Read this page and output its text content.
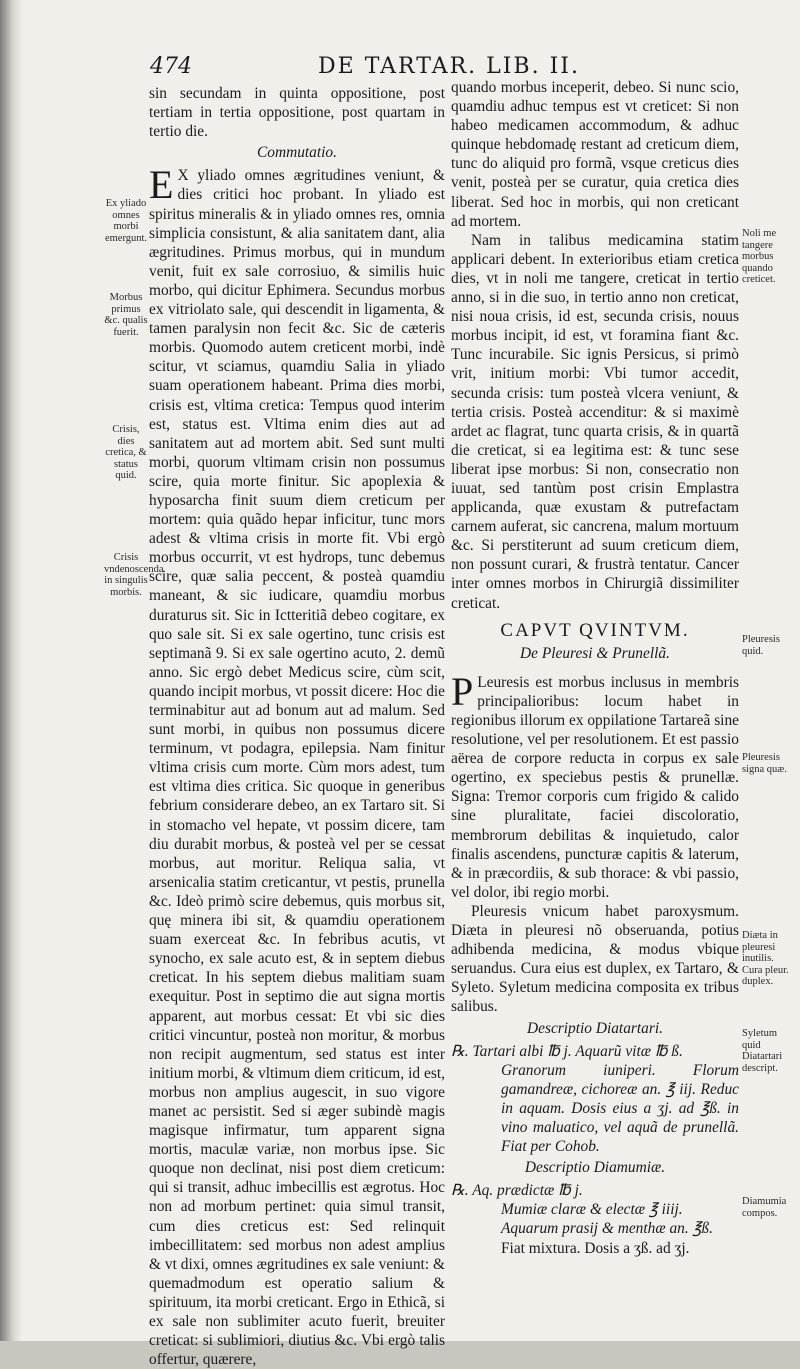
474	DE TARTAR. LIB. II.
Ex yliado omnes morbi emergunt.
Morbus primus &c. qualis fuerit.
Crisis, dies cretica, & status quid.
Crisis vndenoscenda in singulis morbis.

sin secundam in quinta oppositione, post tertiam in tertia oppositione, post quartam in tertio die.

Commutatio.

EX yliado omnes ægritudines veniunt, & dies critici hoc probant. In yliado est spiritus mineralis & in yliado omnes res, omnia simplicia consistunt, & alia sanitatem dant, alia ægritudines. Primus morbus, qui in mundum venit, fuit ex sale corrosiuo, & similis huic morbo, qui dicitur Ephimera. Secundus morbus ex vitriolato sale, qui descendit in ligamenta, & tamen paralysin non fecit &c. Sic de cæteris morbis. Quomodo autem creticent morbi, indè scitur, vt sciamus, quamdiu Salia in yliado suam operationem habeant. Prima dies morbi, crisis est, vltima cretica: Tempus quod interim est, status est. Vltima enim dies aut ad sanitatem aut ad mortem abit. Sed sunt multi morbi, quorum vltimam crisin non possumus scire, quia morte finitur. Sic apoplexia & hyposarcha finit suum diem creticum per mortem: quia quãdo hepar inficitur, tunc mors adest & vltima crisis in morte fit. Vbi ergò morbus occurrit, vt est hydrops, tunc debemus scire, quæ salia peccent, & posteà quamdiu maneant, & sic iudicare, quamdiu morbus duraturus sit. Sic in Ictteritiã debeo cogitare, ex quo sale sit. Si ex sale ogertino, tunc crisis est septimanã 9. Si ex sale ogertino acuto, 2. demũ anno. Sic ergò debet Medicus scire, cùm scit, quando incipit morbus, vt possit dicere: Hoc die terminabitur aut ad bonum aut ad malum. Sed sunt morbi, in quibus non possumus dicere terminum, vt podagra, epilepsia. Nam finitur vltima crisis cum morte. Cùm mors adest, tum est vltima dies critica. Sic quoque in generibus febrium considerare debeo, an ex Tartaro sit. Si in stomacho vel hepate, vt possim dicere, tam diu durabit morbus, & posteà vel per se cessat morbus, aut moritur. Reliqua salia, vt arsenicalia statim creticantur, vt pestis, prunella &c. Ideò primò scire debemus, quis morbus sit, quę minera ibi sit, & quamdiu operationem suam exerceat &c. In febribus acutis, vt synocho, ex sale acuto est, & in septem diebus creticat. In his septem diebus malitiam suam exequitur. Post in septimo die aut signa mortis apparent, aut morbus cessat: Et vbi sic dies critici vincuntur, posteà non moritur, & morbus non recipit augmentum, sed status est inter initium morbi, & vltimum diem criticum, id est, morbus non amplius augescit, in suo vigore manet ac persistit. Sed si æger subindè magis magisque infirmatur, tum apparent signa mortis, maculæ variæ, non morbus ipse. Sic quoque non declinat, nisi post diem creticum: qui si transit, adhuc imbecillis est ægrotus. Hoc non ad morbum pertinet: quia simul transit, cum dies creticus est: Sed relinquit imbecillitatem: sed morbus non adest amplius & vt dixi, omnes ægritudines ex sale veniunt: & quemadmodum est operatio salium & spirituum, ita morbi creticant. Ergo in Ethicã, si ex sale non sublimiter acuto fuerit, breuiter creticat: si sublimiori, diutius &c. Vbi ergò talis offertur, quærere,

quando morbus inceperit, debeo. Si nunc scio, quamdiu adhuc tempus est vt creticet: Si non habeo medicamen accommodum, & adhuc quinque hebdomadę restant ad creticum diem, tunc do aliquid pro formã, vsque creticus dies venit, posteà per se curatur, quia cretica dies liberat. Sed hoc in morbis, qui non creticant ad mortem.

Nam in talibus medicamina statim applicari debent. In exterioribus etiam cretica dies, vt in noli me tangere, creticat in tertio anno, si in die suo, in tertio anno non creticat, nisi noua crisis, id est, secunda crisis, nouus morbus incipit, id est, vt foramina fiant &c. Tunc incurabile. Sic ignis Persicus, si primò vrit, initium morbi: Vbi tumor accedit, secunda crisis: tum posteà vlcera veniunt, & tertia crisis. Posteà accenditur: & si maximè ardet ac flagrat, tunc quarta crisis, & in quartã die creticat, si ea legitima est: & tunc sese liberat ipse morbus: Si non, consecratio non iuuat, sed tantùm post crisin Emplastra applicanda, quæ exustam & putrefactam carnem auferat, sic cancrena, malum mortuum &c. Si perstiterunt ad suum creticum diem, non possunt curari, & frustrà tentatur. Cancer inter omnes morbos in Chirurgiã dissimiliter creticat.

CAPVT QVINTVM.

De Pleuresi & Prunellã.

PLeuresis est morbus inclusus in membris principalioribus: locum habet in regionibus illorum ex oppilatione Tartareã sine resolutione, vel per resolutionem. Et est passio aërea de corpore reducta in corpus ex sale ogertino, ex speciebus pestis & prunellæ. Signa: Tremor corporis cum frigido & calido sine pluralitate, faciei discoloratio, membrorum debilitas & inquietudo, calor finalis ascendens, puncturæ capitis & laterum, & in præcordiis, & sub thorace: & vbi passio, vel dolor, ibi regio morbi.

Pleuresis vnicum habet paroxysmum. Diæta in pleuresi nõ obseruanda, potius adhibenda medicina, & modus vbique seruandus. Cura eius est duplex, ex Tartaro, & Syleto. Syletum medicina composita ex tribus salibus.

Descriptio Diatartari.

℞. Tartari albi ℔ j. Aquarũ vitæ ℔ ß.

Granorum iuniperi. Florum gamandreæ, cichoreæ an. ℥ iij. Reduc in aquam. Dosis eius a ʒj. ad ℥ß. in vino maluatico, vel aquã de prunellã. Fiat per Cohob.

Descriptio Diamumiæ.

℞. Aq. prædictæ ℔ j.

Mumiæ claræ & electæ ℥ iiij.

Aquarum prasij & menthæ an. ℥ß.

Fiat mixtura. Dosis a ʒß. ad ʒj.

Noli me tangere morbus quando creticet.
Pleuresis quid.
Pleuresis signa quæ.
Diæta in pleuresi inutilis. Cura pleur. duplex.
Syletum quid Diatartari descript.
Diamumia compos.
